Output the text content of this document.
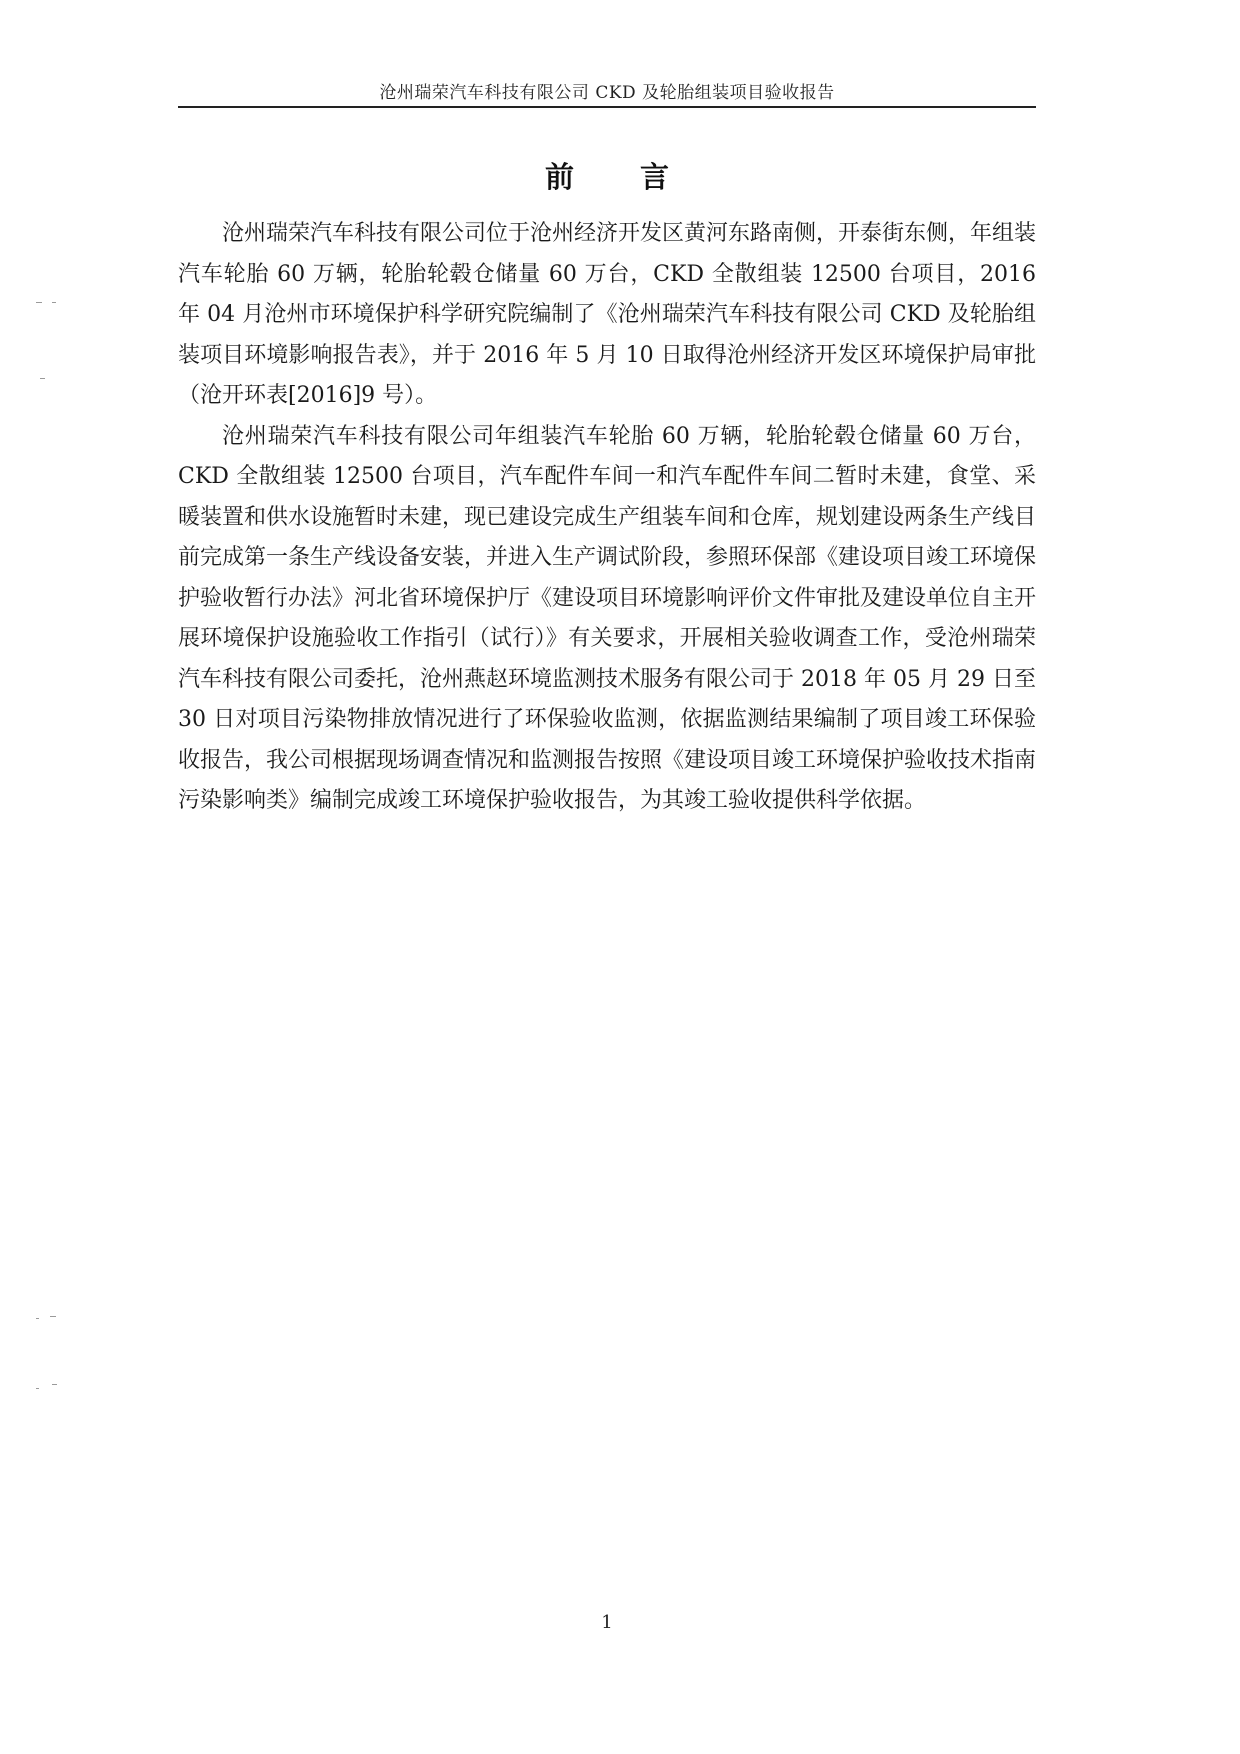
沧州瑞荣汽车科技有限公司 CKD 及轮胎组装项目验收报告
前 言

沧州瑞荣汽车科技有限公司位于沧州经济开发区黄河东路南侧，开泰街东侧，年组装汽车轮胎 60 万辆，轮胎轮毂仓储量 60 万台，CKD 全散组装 12500 台项目，2016 年 04 月沧州市环境保护科学研究院编制了《沧州瑞荣汽车科技有限公司 CKD 及轮胎组装项目环境影响报告表》，并于 2016 年 5 月 10 日取得沧州经济开发区环境保护局审批（沧开环表[2016]9 号）。

沧州瑞荣汽车科技有限公司年组装汽车轮胎 60 万辆，轮胎轮毂仓储量 60 万台，CKD 全散组装 12500 台项目，汽车配件车间一和汽车配件车间二暂时未建，食堂、采暖装置和供水设施暂时未建，现已建设完成生产组装车间和仓库，规划建设两条生产线目前完成第一条生产线设备安装，并进入生产调试阶段，参照环保部《建设项目竣工环境保护验收暂行办法》河北省环境保护厅《建设项目环境影响评价文件审批及建设单位自主开展环境保护设施验收工作指引（试行）》有关要求，开展相关验收调查工作，受沧州瑞荣汽车科技有限公司委托，沧州燕赵环境监测技术服务有限公司于 2018 年 05 月 29 日至 30 日对项目污染物排放情况进行了环保验收监测，依据监测结果编制了项目竣工环保验收报告，我公司根据现场调查情况和监测报告按照《建设项目竣工环境保护验收技术指南 污染影响类》编制完成竣工环境保护验收报告，为其竣工验收提供科学依据。

1
